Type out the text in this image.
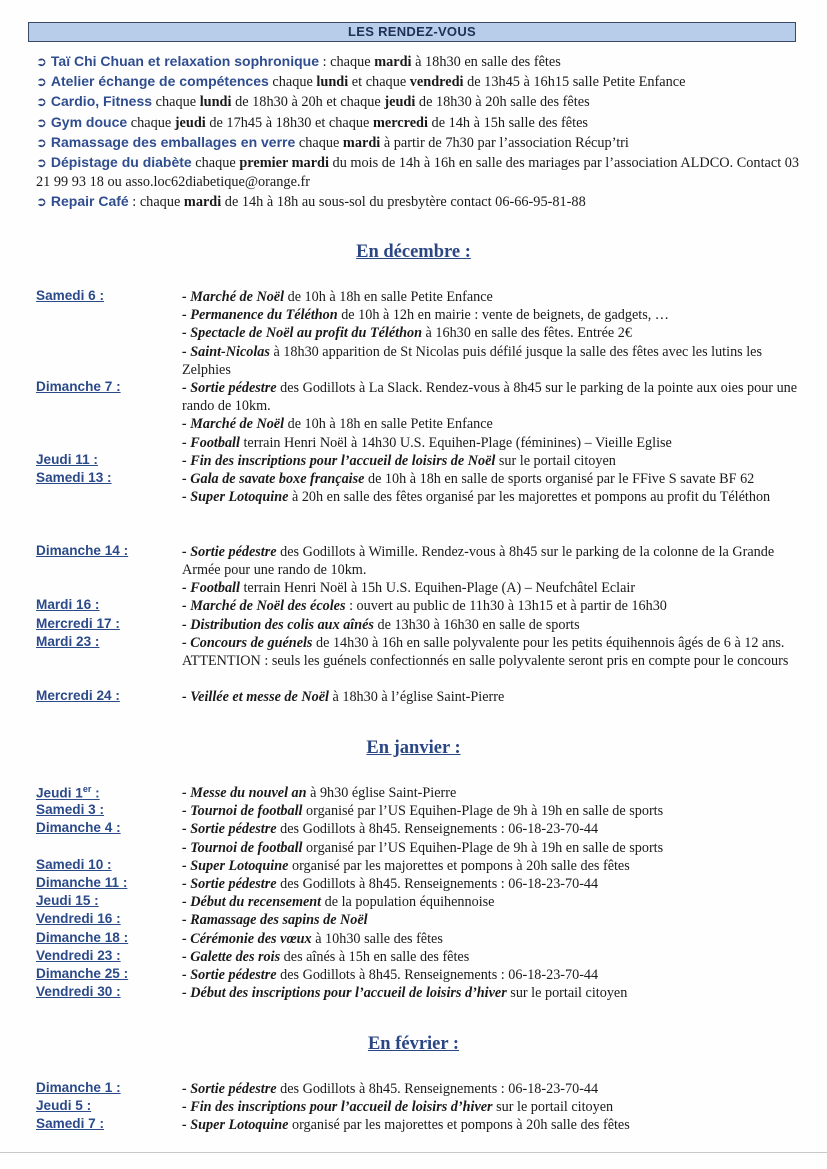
LES RENDEZ-VOUS
➲ Taï Chi Chuan et relaxation sophronique : chaque mardi à 18h30 en salle des fêtes
➲ Atelier échange de compétences chaque lundi et chaque vendredi de 13h45 à 16h15 salle Petite Enfance
➲ Cardio, Fitness chaque lundi de 18h30 à 20h et chaque jeudi de 18h30 à 20h salle des fêtes
➲ Gym douce chaque jeudi de 17h45 à 18h30 et chaque mercredi de 14h à 15h salle des fêtes
➲ Ramassage des emballages en verre chaque mardi à partir de 7h30 par l’association Récup’tri
➲ Dépistage du diabète chaque premier mardi du mois de 14h à 16h en salle des mariages par l’association ALDCO. Contact 03 21 99 93 18 ou asso.loc62diabetique@orange.fr
➲ Repair Café : chaque mardi de 14h à 18h au sous-sol du presbytère contact 06-66-95-81-88
En décembre :
Samedi 6 :	- Marché de Noël de 10h à 18h en salle Petite Enfance
- Permanence du Téléthon de 10h à 12h en mairie : vente de beignets, de gadgets, …
- Spectacle de Noël au profit du Téléthon à 16h30 en salle des fêtes. Entrée 2€
- Saint-Nicolas à 18h30 apparition de St Nicolas puis défilé jusque la salle des fêtes avec les lutins les Zelphies
Dimanche 7 :	- Sortie pédestre des Godillots à La Slack. Rendez-vous à 8h45 sur le parking de la pointe aux oies pour une rando de 10km.
- Marché de Noël de 10h à 18h en salle Petite Enfance
- Football terrain Henri Noël à 14h30 U.S. Equihen-Plage (féminines) – Vieille Eglise
Jeudi 11 :	- Fin des inscriptions pour l’accueil de loisirs de Noël sur le portail citoyen
Samedi 13 :	- Gala de savate boxe française de 10h à 18h en salle de sports organisé par le FFive S savate BF 62
- Super Lotoquine à 20h en salle des fêtes organisé par les majorettes et pompons au profit du Téléthon
Dimanche 14 :	- Sortie pédestre des Godillots à Wimille. Rendez-vous à 8h45 sur le parking de la colonne de la Grande Armée pour une rando de 10km.
- Football terrain Henri Noël à 15h U.S. Equihen-Plage (A) – Neufchâtel Eclair
Mardi 16 :	- Marché de Noël des écoles : ouvert au public de 11h30 à 13h15 et à partir de 16h30
Mercredi 17 :	- Distribution des colis aux aînés de 13h30 à 16h30 en salle de sports
Mardi 23 :	- Concours de guénels de 14h30 à 16h en salle polyvalente pour les petits équihennois âgés de 6 à 12 ans. ATTENTION : seuls les guénels confectionnés en salle polyvalente seront pris en compte pour le concours
Mercredi 24 :	- Veillée et messe de Noël à 18h30 à l’église Saint-Pierre
En janvier :
Jeudi 1er :	- Messe du nouvel an à 9h30 église Saint-Pierre
Samedi 3 :	- Tournoi de football organisé par l’US Equihen-Plage de 9h à 19h en salle de sports
Dimanche 4 :	- Sortie pédestre des Godillots à 8h45. Renseignements : 06-18-23-70-44
- Tournoi de football organisé par l’US Equihen-Plage de 9h à 19h en salle de sports
Samedi 10 :	- Super Lotoquine organisé par les majorettes et pompons à 20h salle des fêtes
Dimanche 11 :	- Sortie pédestre des Godillots à 8h45. Renseignements : 06-18-23-70-44
Jeudi 15 :	- Début du recensement de la population équihennoise
Vendredi 16 :	- Ramassage des sapins de Noël
Dimanche 18 :	- Cérémonie des vœux à 10h30 salle des fêtes
Vendredi 23 :	- Galette des rois des aînés à 15h en salle des fêtes
Dimanche 25 :	- Sortie pédestre des Godillots à 8h45. Renseignements : 06-18-23-70-44
Vendredi 30 :	- Début des inscriptions pour l’accueil de loisirs d’hiver sur le portail citoyen
En février :
Dimanche 1 :	- Sortie pédestre des Godillots à 8h45. Renseignements : 06-18-23-70-44
Jeudi 5 :	- Fin des inscriptions pour l’accueil de loisirs d’hiver sur le portail citoyen
Samedi 7 :	- Super Lotoquine organisé par les majorettes et pompons à 20h salle des fêtes
